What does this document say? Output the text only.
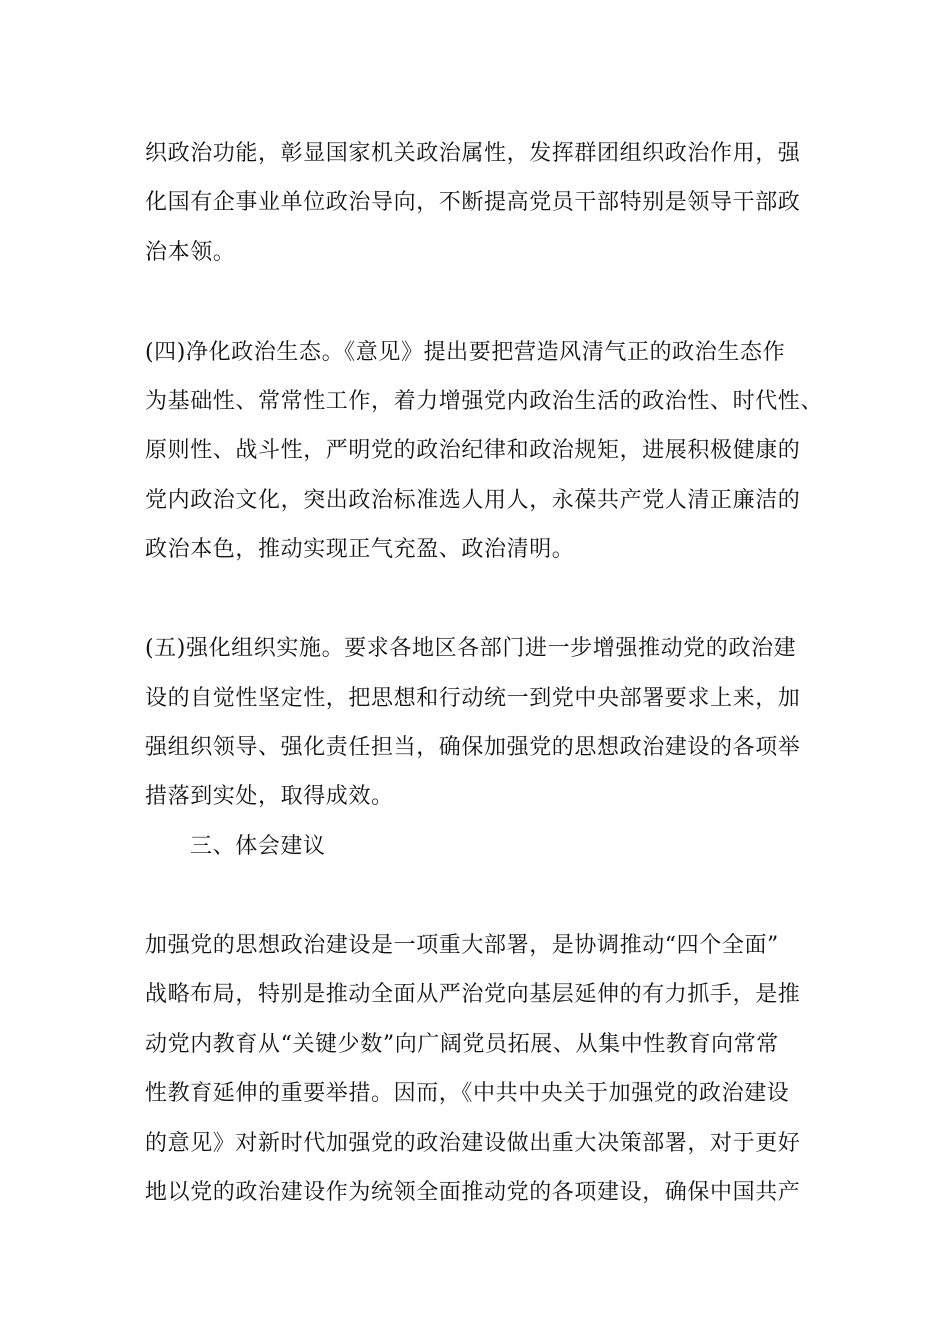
织政治功能，彰显国家机关政治属性，发挥群团组织政治作用，强
化国有企事业单位政治导向，不断提高党员干部特别是领导干部政
治本领。
(四)净化政治生态。《意见》提出要把营造风清气正的政治生态作
为基础性、常常性工作，着力增强党内政治生活的政治性、时代性、
原则性、战斗性，严明党的政治纪律和政治规矩，进展积极健康的
党内政治文化，突出政治标准选人用人，永葆共产党人清正廉洁的
政治本色，推动实现正气充盈、政治清明。
(五)强化组织实施。要求各地区各部门进一步增强推动党的政治建
设的自觉性坚定性，把思想和行动统一到党中央部署要求上来，加
强组织领导、强化责任担当，确保加强党的思想政治建设的各项举
措落到实处，取得成效。
三、体会建议
加强党的思想政治建设是一项重大部署，是协调推动“四个全面”
战略布局，特别是推动全面从严治党向基层延伸的有力抓手，是推
动党内教育从“关键少数”向广阔党员拓展、从集中性教育向常常
性教育延伸的重要举措。因而，《中共中央关于加强党的政治建设
的意见》对新时代加强党的政治建设做出重大决策部署，对于更好
地以党的政治建设作为统领全面推动党的各项建设，确保中国共产
